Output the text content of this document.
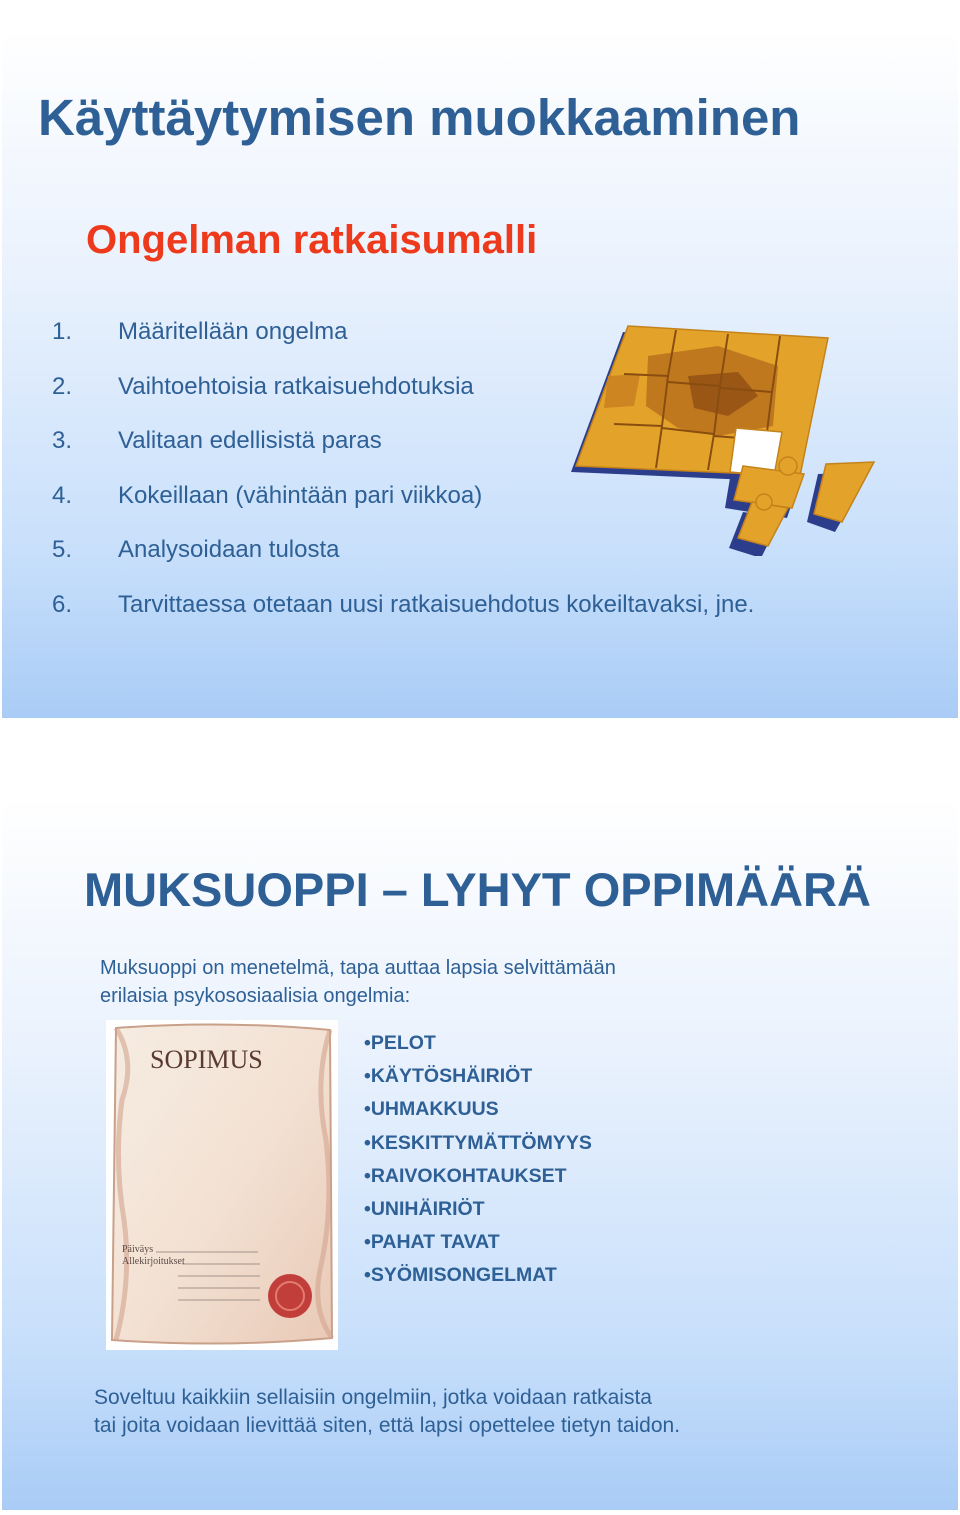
Käyttäytymisen muokkaaminen
Ongelman ratkaisumalli
1. Määritellään ongelma
2. Vaihtoehtoisia ratkaisuehdotuksia
3. Valitaan edellisistä paras
4. Kokeillaan (vähintään pari viikkoa)
5. Analysoidaan tulosta
6. Tarvittaessa otetaan uusi ratkaisuehdotus kokeiltavaksi, jne.
MUKSUOPPI – LYHYT OPPIMÄÄRÄ

Muksuoppi on menetelmä, tapa auttaa lapsia selvittämään
erilaisia psykososiaalisia ongelmia:

SOPIMUS
Päiväys
Allekirjoitukset
• PELOT
• KÄYTÖSHÄIRIÖT
• UHMAKKUUS
• KESKITTYMÄTTÖMYYS
• RAIVOKOHTAUKSET
• UNIHÄIRIÖT
• PAHAT TAVAT
• SYÖMISONGELMAT

Soveltuu kaikkiin sellaisiin ongelmiin, jotka voidaan ratkaista
tai joita voidaan lievittää siten, että lapsi opettelee tietyn taidon.
